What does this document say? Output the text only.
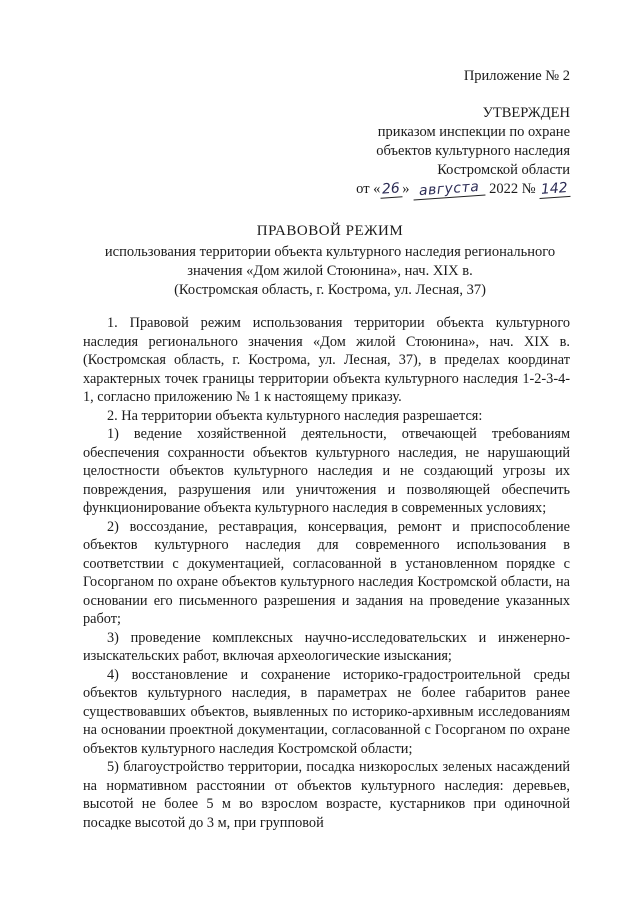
Приложение № 2
УТВЕРЖДЕН
приказом инспекции по охране
объектов культурного наследия
Костромской области
от «26 » августа 2022 № 142
ПРАВОВОЙ РЕЖИМ
использования территории объекта культурного наследия регионального
значения «Дом жилой Стоюнина», нач. XIX в.
(Костромская область, г. Кострома, ул. Лесная, 37)

1. Правовой режим использования территории объекта культурного наследия регионального значения «Дом жилой Стоюнина», нач. XIX в. (Костромская область, г. Кострома, ул. Лесная, 37), в пределах координат характерных точек границы территории объекта культурного наследия 1-2-3-4-1, согласно приложению № 1 к настоящему приказу.

2. На территории объекта культурного наследия разрешается:

1) ведение хозяйственной деятельности, отвечающей требованиям обеспечения сохранности объектов культурного наследия, не нарушающий целостности объектов культурного наследия и не создающий угрозы их повреждения, разрушения или уничтожения и позволяющей обеспечить функционирование объекта культурного наследия в современных условиях;

2) воссоздание, реставрация, консервация, ремонт и приспособление объектов культурного наследия для современного использования в соответствии с документацией, согласованной в установленном порядке с Госорганом по охране объектов культурного наследия Костромской области, на основании его письменного разрешения и задания на проведение указанных работ;

3) проведение комплексных научно-исследовательских и инженерно-изыскательских работ, включая археологические изыскания;

4) восстановление и сохранение историко-градостроительной среды объектов культурного наследия, в параметрах не более габаритов ранее существовавших объектов, выявленных по историко-архивным исследованиям на основании проектной документации, согласованной с Госорганом по охране объектов культурного наследия Костромской области;

5) благоустройство территории, посадка низкорослых зеленых насаждений на нормативном расстоянии от объектов культурного наследия: деревьев, высотой не более 5 м во взрослом возрасте, кустарников при одиночной посадке высотой до 3 м, при групповой
